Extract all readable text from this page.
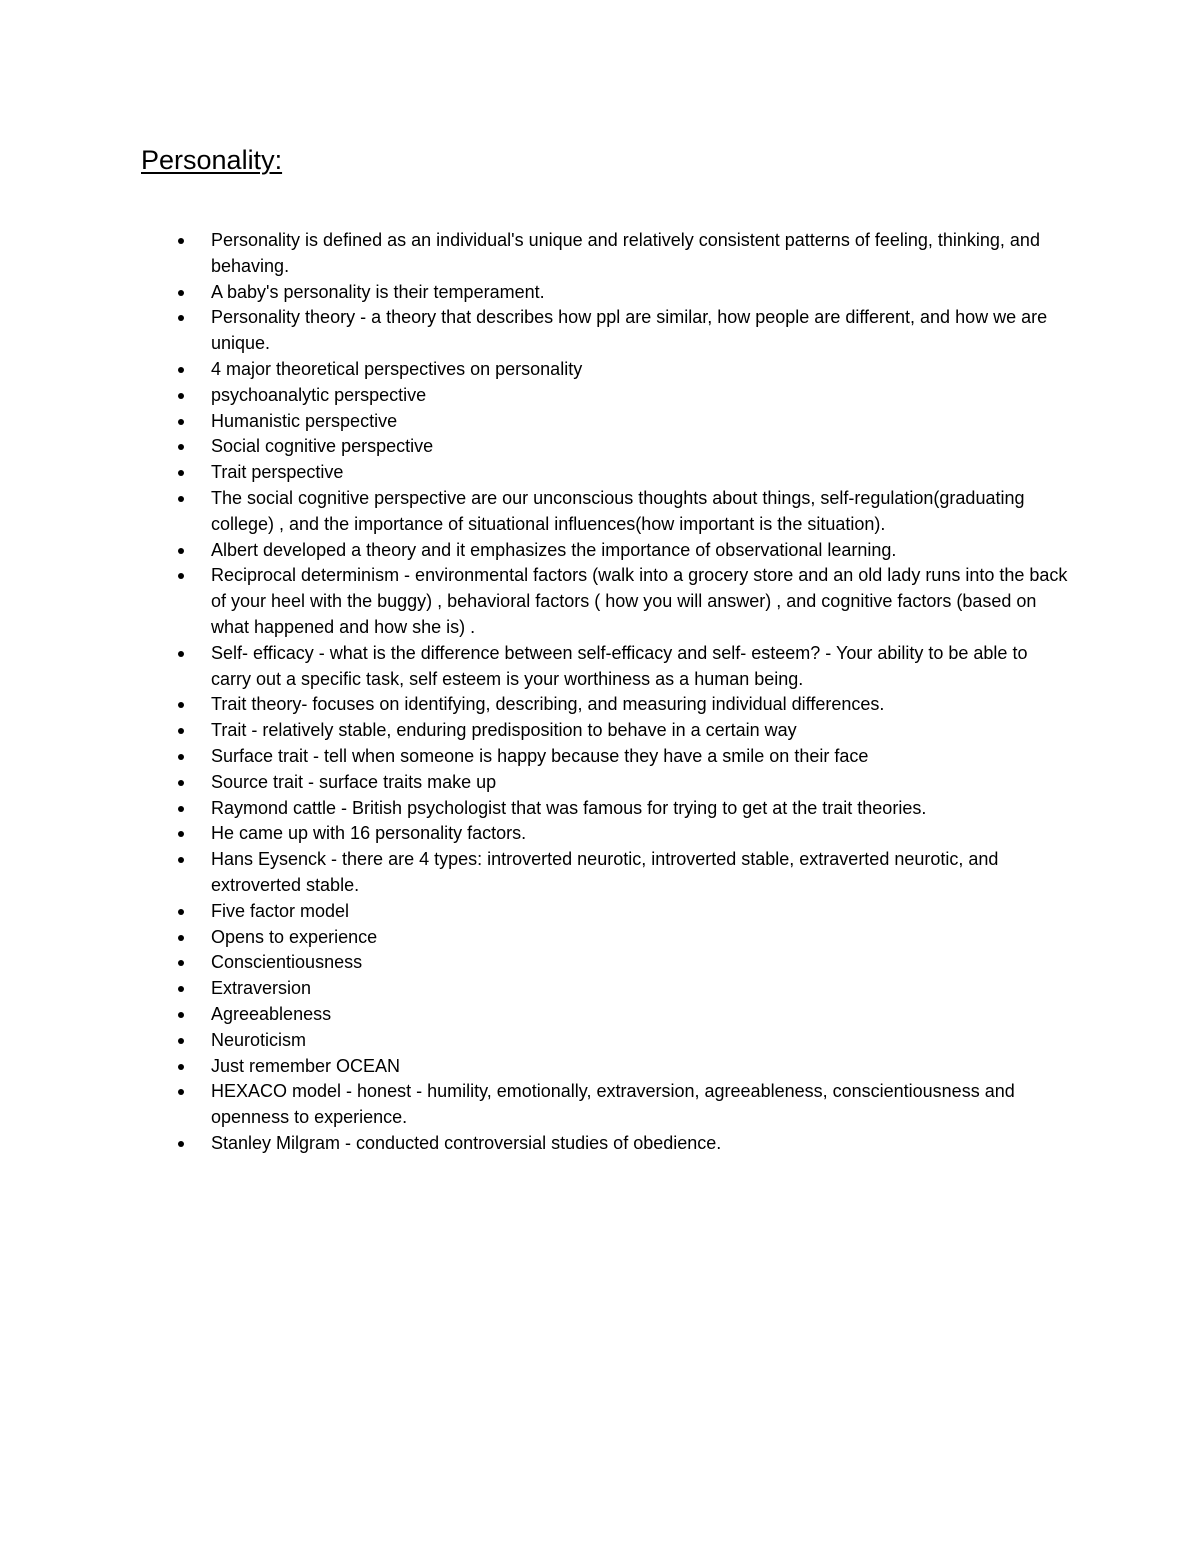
Personality:
Personality is defined as an individual's unique and relatively consistent patterns of feeling, thinking, and behaving.
A baby's personality is their temperament.
Personality theory - a theory that describes how ppl are similar, how people are different, and how we are unique.
4 major theoretical perspectives on personality
psychoanalytic perspective
Humanistic perspective
Social cognitive perspective
Trait perspective
The social cognitive perspective are our unconscious thoughts about things, self-regulation(graduating college) , and the importance of situational influences(how important is the situation).
Albert developed a theory and it emphasizes the importance of observational learning.
Reciprocal determinism - environmental factors (walk into a grocery store and an old lady runs into the back of your heel with the buggy) , behavioral factors ( how you will answer) , and cognitive factors (based on what happened and how she is) .
Self- efficacy - what is the difference between self-efficacy and self- esteem? - Your ability to be able to carry out a specific task, self esteem is your worthiness as a human being.
Trait theory- focuses on identifying, describing, and measuring individual differences.
Trait - relatively stable, enduring predisposition to behave in a certain way
Surface trait - tell when someone is happy because they have a smile on their face
Source trait - surface traits make up
Raymond cattle - British psychologist that was famous for trying to get at the trait theories.
He came up with 16 personality factors.
Hans Eysenck - there are 4 types: introverted neurotic, introverted stable, extraverted neurotic, and extroverted stable.
Five factor model
Opens to experience
Conscientiousness
Extraversion
Agreeableness
Neuroticism
Just remember OCEAN
HEXACO model - honest - humility, emotionally, extraversion, agreeableness, conscientiousness and openness to experience.
Stanley Milgram - conducted controversial studies of obedience.
